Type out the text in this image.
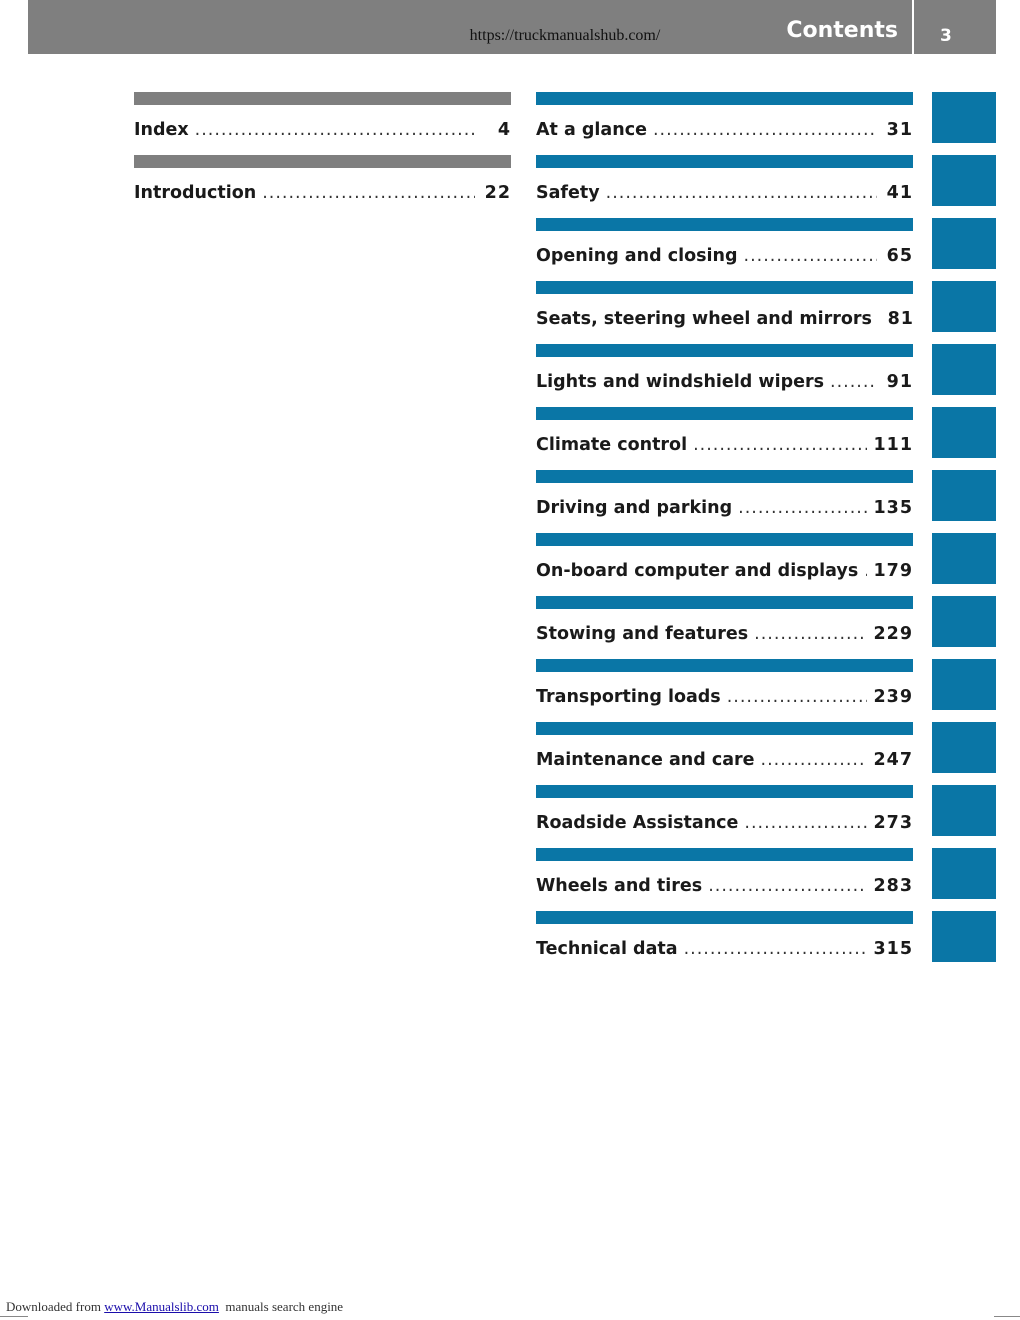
https://truckmanualshub.com/	Contents 3
Index .....	4
Introduction .....	22
At a glance .....	31
Safety .....	41
Opening and closing .....	65
Seats, steering wheel and mirrors 81
Lights and windshield wipers .....	91
Climate control .....	111
Driving and parking .....	135
On-board computer and displays ..... 179
Stowing and features .....	229
Transporting loads .....	239
Maintenance and care .....	247
Roadside Assistance .....	273
Wheels and tires .....	283
Technical data .....	315
Downloaded from www.Manualslib.com manuals search engine
